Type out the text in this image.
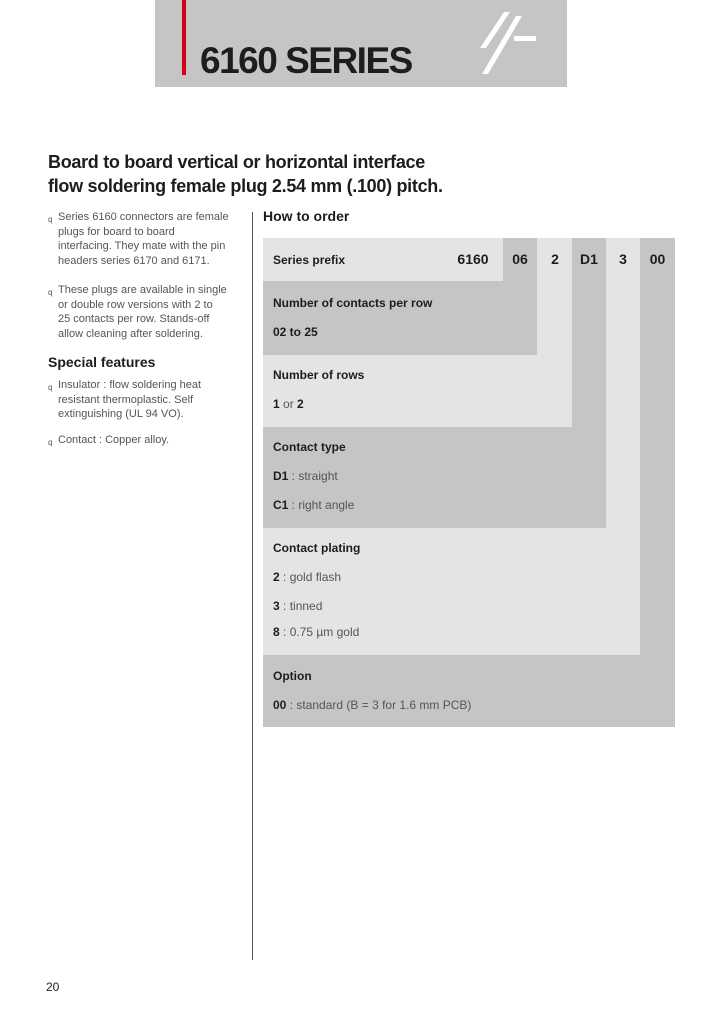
6160 SERIES
Board to board vertical or horizontal interface
flow soldering female plug 2.54 mm (.100) pitch.
q Series 6160 connectors are female
plugs for board to board
interfacing. They mate with the pin
headers series 6170 and 6171.
q These plugs are available in single
or double row versions with 2 to
25 contacts per row. Stands-off
allow cleaning after soldering.
Special features
q Insulator : flow soldering heat
resistant thermoplastic. Self
extinguishing (UL 94 VO).
q Contact : Copper alloy.
How to order
Series prefix	6160	06	2	D1	3	00
Number of contacts per row
02 to 25
Number of rows
1 or 2
Contact type
D1 : straight
C1 : right angle
Contact plating
2 : gold flash
3 : tinned
8 : 0.75 µm gold
Option
00 : standard (B = 3 for 1.6 mm PCB)
20
